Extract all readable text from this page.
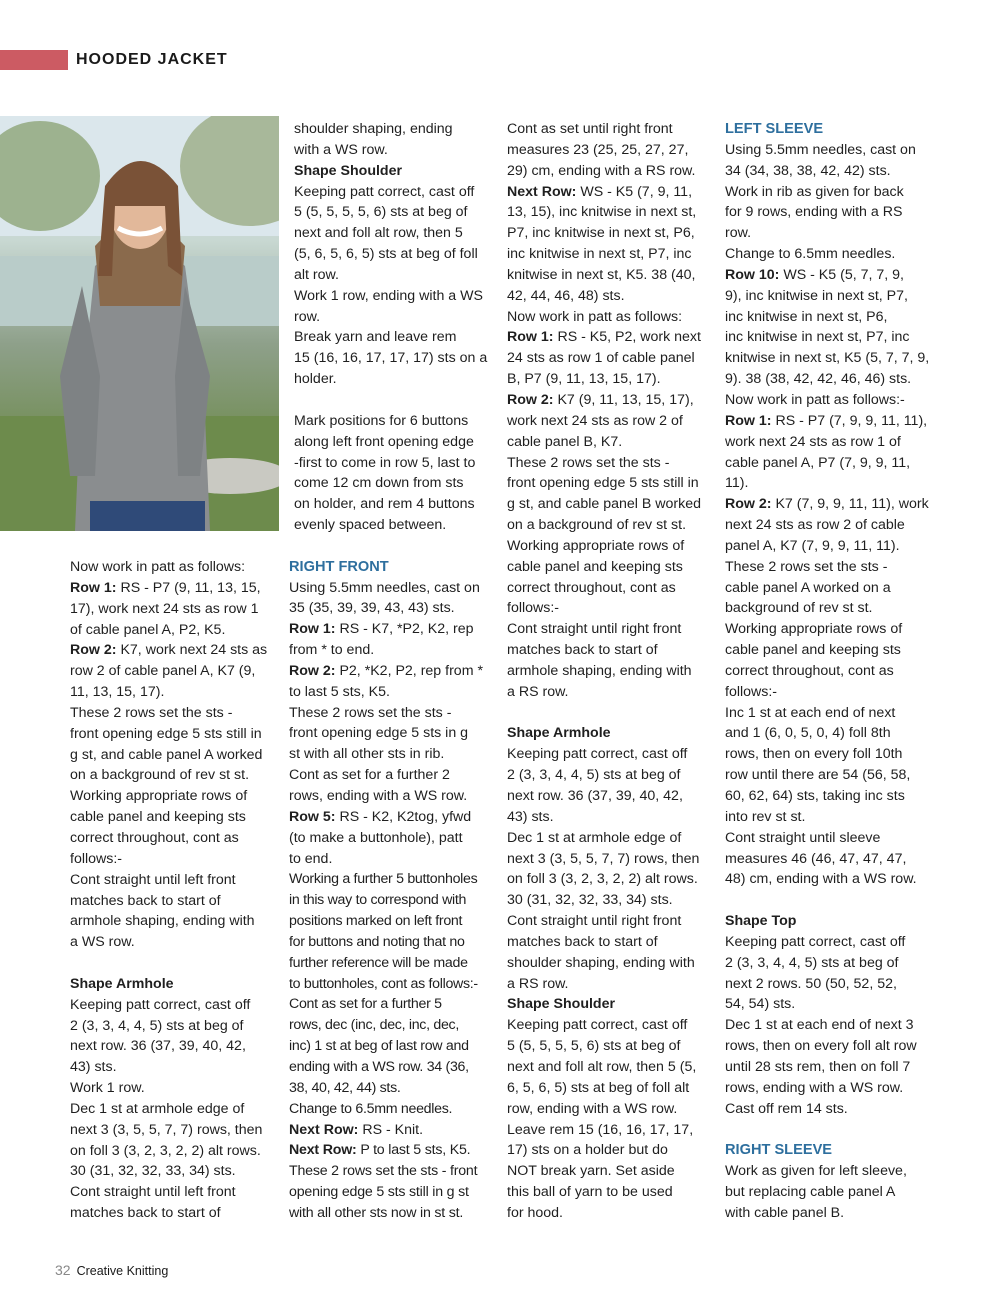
HOODED JACKET

Now work in patt as follows:

Row 1: RS - P7 (9, 11, 13, 15,
17), work next 24 sts as row 1
of cable panel A, P2, K5.

Row 2: K7, work next 24 sts as
row 2 of cable panel A, K7 (9,
11, 13, 15, 17).

These 2 rows set the sts -
front opening edge 5 sts still in
g st, and cable panel A worked
on a background of rev st st.
Working appropriate rows of
cable panel and keeping sts
correct throughout, cont as
follows:-
Cont straight until left front
matches back to start of
armhole shaping, ending with
a WS row.

Shape Armhole

Keeping patt correct, cast off
2 (3, 3, 4, 4, 5) sts at beg of
next row. 36 (37, 39, 40, 42,
43) sts.
Work 1 row.
Dec 1 st at armhole edge of
next 3 (3, 5, 5, 7, 7) rows, then
on foll 3 (3, 2, 3, 2, 2) alt rows.
30 (31, 32, 32, 33, 34) sts.
Cont straight until left front
matches back to start of

shoulder shaping, ending
with a WS row.

Shape Shoulder

Keeping patt correct, cast off
5 (5, 5, 5, 5, 6) sts at beg of
next and foll alt row, then 5
(5, 6, 5, 6, 5) sts at beg of foll
alt row.
Work 1 row, ending with a WS
row.
Break yarn and leave rem
15 (16, 16, 17, 17, 17) sts on a
holder.

Mark positions for 6 buttons
along left front opening edge
-first to come in row 5, last to
come 12 cm down from sts
on holder, and rem 4 buttons
evenly spaced between.

RIGHT FRONT

Using 5.5mm needles, cast on
35 (35, 39, 39, 43, 43) sts.

Row 1: RS - K7, *P2, K2, rep
from * to end.

Row 2: P2, *K2, P2, rep from *
to last 5 sts, K5.

These 2 rows set the sts -
front opening edge 5 sts in g
st with all other sts in rib.
Cont as set for a further 2
rows, ending with a WS row.

Row 5: RS - K2, K2tog, yfwd
(to make a buttonhole), patt
to end.

Working a further 5 buttonholes
in this way to correspond with
positions marked on left front
for buttons and noting that no
further reference will be made
to buttonholes, cont as follows:-
Cont as set for a further 5
rows, dec (inc, dec, inc, dec,
inc) 1 st at beg of last row and
ending with a WS row. 34 (36,
38, 40, 42, 44) sts.
Change to 6.5mm needles.

Next Row: RS - Knit.

Next Row: P to last 5 sts, K5.
These 2 rows set the sts - front
opening edge 5 sts still in g st
with all other sts now in st st.

Cont as set until right front
measures 23 (25, 25, 27, 27,
29) cm, ending with a RS row.

Next Row: WS - K5 (7, 9, 11,
13, 15), inc knitwise in next st,
P7, inc knitwise in next st, P6,
inc knitwise in next st, P7, inc
knitwise in next st, K5. 38 (40,
42, 44, 46, 48) sts.
Now work in patt as follows:

Row 1: RS - K5, P2, work next
24 sts as row 1 of cable panel
B, P7 (9, 11, 13, 15, 17).

Row 2: K7 (9, 11, 13, 15, 17),
work next 24 sts as row 2 of
cable panel B, K7.

These 2 rows set the sts -
front opening edge 5 sts still in
g st, and cable panel B worked
on a background of rev st st.
Working appropriate rows of
cable panel and keeping sts
correct throughout, cont as
follows:-
Cont straight until right front
matches back to start of
armhole shaping, ending with
a RS row.

Shape Armhole

Keeping patt correct, cast off
2 (3, 3, 4, 4, 5) sts at beg of
next row. 36 (37, 39, 40, 42,
43) sts.
Dec 1 st at armhole edge of
next 3 (3, 5, 5, 7, 7) rows, then
on foll 3 (3, 2, 3, 2, 2) alt rows.
30 (31, 32, 32, 33, 34) sts.
Cont straight until right front
matches back to start of
shoulder shaping, ending with
a RS row.

Shape Shoulder

Keeping patt correct, cast off
5 (5, 5, 5, 5, 6) sts at beg of
next and foll alt row, then 5 (5,
6, 5, 6, 5) sts at beg of foll alt
row, ending with a WS row.
Leave rem 15 (16, 16, 17, 17,
17) sts on a holder but do
NOT break yarn. Set aside
this ball of yarn to be used
for hood.

LEFT SLEEVE

Using 5.5mm needles, cast on
34 (34, 38, 38, 42, 42) sts.
Work in rib as given for back
for 9 rows, ending with a RS
row.
Change to 6.5mm needles.

Row 10: WS - K5 (5, 7, 7, 9,
9), inc knitwise in next st, P7,
inc knitwise in next st, P6,
inc knitwise in next st, P7, inc
knitwise in next st, K5 (5, 7, 7, 9,
9). 38 (38, 42, 42, 46, 46) sts.
Now work in patt as follows:-

Row 1: RS - P7 (7, 9, 9, 11, 11),
work next 24 sts as row 1 of
cable panel A, P7 (7, 9, 9, 11,
11).

Row 2: K7 (7, 9, 9, 11, 11), work
next 24 sts as row 2 of cable
panel A, K7 (7, 9, 9, 11, 11).

These 2 rows set the sts -
cable panel A worked on a
background of rev st st.
Working appropriate rows of
cable panel and keeping sts
correct throughout, cont as
follows:-
Inc 1 st at each end of next
and 1 (6, 0, 5, 0, 4) foll 8th
rows, then on every foll 10th
row until there are 54 (56, 58,
60, 62, 64) sts, taking inc sts
into rev st st.
Cont straight until sleeve
measures 46 (46, 47, 47, 47,
48) cm, ending with a WS row.

Shape Top

Keeping patt correct, cast off
2 (3, 3, 4, 4, 5) sts at beg of
next 2 rows. 50 (50, 52, 52,
54, 54) sts.
Dec 1 st at each end of next 3
rows, then on every foll alt row
until 28 sts rem, then on foll 7
rows, ending with a WS row.
Cast off rem 14 sts.

RIGHT SLEEVE

Work as given for left sleeve,
but replacing cable panel A
with cable panel B.

32 Creative Knitting
